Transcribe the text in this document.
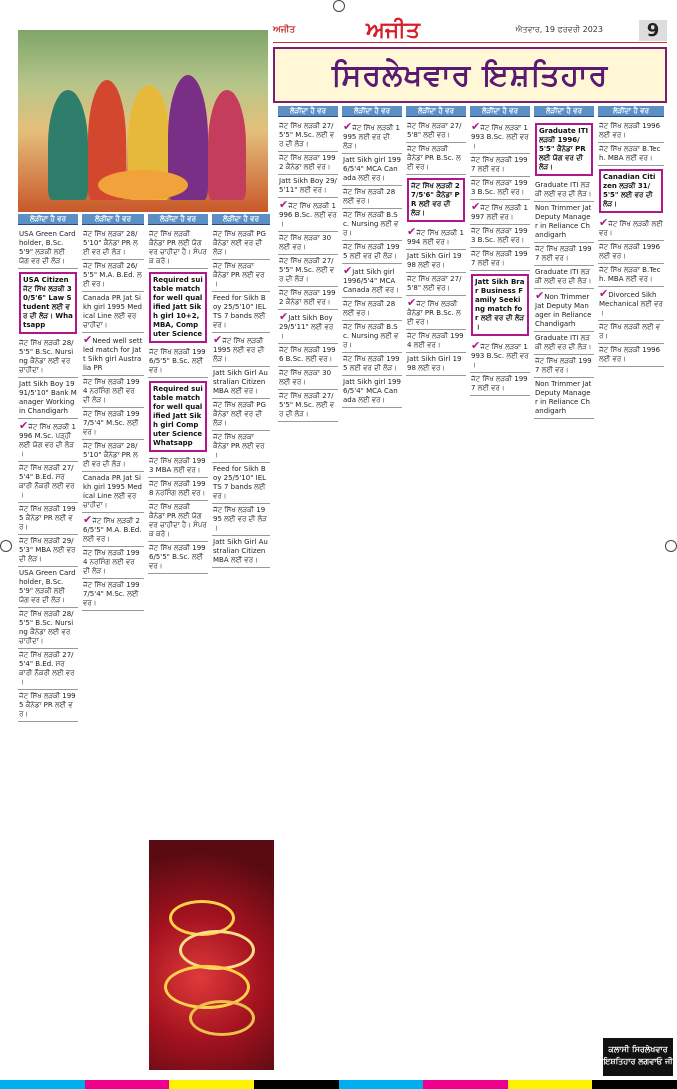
ਅਜੀਤ	ਅਜੀਤ	ਐਤਵਾਰ, 19 ਫਰਵਰੀ 2023	9
ਸਿਰਲੇਖਵਾਰ ਇਸ਼ਤਿਹਾਰ
ਲੋੜੀਂਦਾ ਹੈ ਵਰ	ਲੋੜੀਂਦਾ ਹੈ ਵਰ	ਲੋੜੀਂਦਾ ਹੈ ਵਰ	ਲੋੜੀਂਦਾ ਹੈ ਵਰ
ਲੋੜੀਂਦਾ ਹੈ ਵਰ	ਲੋੜੀਂਦਾ ਹੈ ਵਰ	ਲੋੜੀਂਦਾ ਹੈ ਵਰ	ਲੋੜੀਂਦਾ ਹੈ ਵਰ	ਲੋੜੀਂਦਾ ਹੈ ਵਰ	ਲੋੜੀਂਦਾ ਹੈ ਵਰ
USA Green Card holder, B.Sc. 5'9" ਲੜਕੀ ਲਈ ਯੋਗ ਵਰ ਦੀ ਲੋੜ।
USA Citizen ਜੱਟ ਸਿੱਖ ਲੜਕੀ 30/5'6" Law Student ਲਈ ਵਰ ਦੀ ਲੋੜ। Whatsapp
ਜੱਟ ਸਿੱਖ ਲੜਕੀ 28/5'5" B.Sc. Nursing ਕੈਨੇਡਾ ਲਈ ਵਰ ਚਾਹੀਦਾ।
Jatt Sikh Boy 1991/5'10" Bank Manager Working in Chandigarh
✔ਜੱਟ ਸਿੱਖ ਲੜਕੀ 1996 M.Sc. ਪੜ੍ਹੀ ਲਈ ਯੋਗ ਵਰ ਦੀ ਲੋੜ।
ਜੱਟ ਸਿੱਖ ਲੜਕੀ 27/5'4" B.Ed. ਸਰਕਾਰੀ ਨੌਕਰੀ ਲਈ ਵਰ।
ਜੱਟ ਸਿੱਖ ਲੜਕੀ 1995 ਕੈਨੇਡਾ PR ਲਈ ਵਰ।
ਜੱਟ ਸਿੱਖ ਲੜਕੀ 29/5'3" MBA ਲਈ ਵਰ ਦੀ ਲੋੜ।
USA Green Card holder, B.Sc. 5'9" ਲੜਕੀ ਲਈ ਯੋਗ ਵਰ ਦੀ ਲੋੜ।
ਜੱਟ ਸਿੱਖ ਲੜਕੀ 28/5'5" B.Sc. Nursing ਕੈਨੇਡਾ ਲਈ ਵਰ ਚਾਹੀਦਾ।
ਜੱਟ ਸਿੱਖ ਲੜਕੀ 27/5'4" B.Ed. ਸਰਕਾਰੀ ਨੌਕਰੀ ਲਈ ਵਰ।
ਜੱਟ ਸਿੱਖ ਲੜਕੀ 1995 ਕੈਨੇਡਾ PR ਲਈ ਵਰ।
ਜੱਟ ਸਿੱਖ ਲੜਕਾ 28/5'10" ਕੈਨੇਡਾ PR ਲਈ ਵਰ ਦੀ ਲੋੜ।
ਜੱਟ ਸਿੱਖ ਲੜਕੀ 26/5'5" M.A. B.Ed. ਲਈ ਵਰ।
Canada PR Jat Sikh girl 1995 Medical Line ਲਈ ਵਰ ਚਾਹੀਦਾ।
✔Need well settled match for Jatt Sikh girl Australia PR
ਜੱਟ ਸਿੱਖ ਲੜਕੀ 1994 ਨਰਸਿੰਗ ਲਈ ਵਰ ਦੀ ਲੋੜ।
ਜੱਟ ਸਿੱਖ ਲੜਕੀ 1997/5'4" M.Sc. ਲਈ ਵਰ।
ਜੱਟ ਸਿੱਖ ਲੜਕਾ 28/5'10" ਕੈਨੇਡਾ PR ਲਈ ਵਰ ਦੀ ਲੋੜ।
Canada PR Jat Sikh girl 1995 Medical Line ਲਈ ਵਰ ਚਾਹੀਦਾ।
✔ਜੱਟ ਸਿੱਖ ਲੜਕੀ 26/5'5" M.A. B.Ed. ਲਈ ਵਰ।
ਜੱਟ ਸਿੱਖ ਲੜਕੀ 1994 ਨਰਸਿੰਗ ਲਈ ਵਰ ਦੀ ਲੋੜ।
ਜੱਟ ਸਿੱਖ ਲੜਕੀ 1997/5'4" M.Sc. ਲਈ ਵਰ।
ਜੱਟ ਸਿੱਖ ਲੜਕੀ ਕੈਨੇਡਾ PR ਲਈ ਯੋਗ ਵਰ ਚਾਹੀਦਾ ਹੈ। ਸੰਪਰਕ ਕਰੋ।
Required suitable match for well qualified Jatt Sikh girl 10+2, MBA, Computer Science
ਜੱਟ ਸਿੱਖ ਲੜਕੀ 1996/5'5" B.Sc. ਲਈ ਵਰ।
Required suitable match for well qualified Jatt Sikh girl Computer Science Whatsapp
ਜੱਟ ਸਿੱਖ ਲੜਕੀ 1993 MBA ਲਈ ਵਰ।
ਜੱਟ ਸਿੱਖ ਲੜਕੀ 1998 ਨਰਸਿੰਗ ਲਈ ਵਰ।
ਜੱਟ ਸਿੱਖ ਲੜਕੀ ਕੈਨੇਡਾ PR ਲਈ ਯੋਗ ਵਰ ਚਾਹੀਦਾ ਹੈ। ਸੰਪਰਕ ਕਰੋ।
ਜੱਟ ਸਿੱਖ ਲੜਕੀ 1996/5'5" B.Sc. ਲਈ ਵਰ।
ਜੱਟ ਸਿੱਖ ਲੜਕੀ PG ਕੈਨੇਡਾ ਲਈ ਵਰ ਦੀ ਲੋੜ।
ਜੱਟ ਸਿੱਖ ਲੜਕਾ ਕੈਨੇਡਾ PR ਲਈ ਵਰ।
Feed for Sikh Boy 25/5'10" IELTS 7 bands ਲਈ ਵਰ।
✔ਜੱਟ ਸਿੱਖ ਲੜਕੀ 1995 ਲਈ ਵਰ ਦੀ ਲੋੜ।
Jatt Sikh Girl Australian Citizen MBA ਲਈ ਵਰ।
ਜੱਟ ਸਿੱਖ ਲੜਕੀ PG ਕੈਨੇਡਾ ਲਈ ਵਰ ਦੀ ਲੋੜ।
ਜੱਟ ਸਿੱਖ ਲੜਕਾ ਕੈਨੇਡਾ PR ਲਈ ਵਰ।
Feed for Sikh Boy 25/5'10" IELTS 7 bands ਲਈ ਵਰ।
ਜੱਟ ਸਿੱਖ ਲੜਕੀ 1995 ਲਈ ਵਰ ਦੀ ਲੋੜ।
Jatt Sikh Girl Australian Citizen MBA ਲਈ ਵਰ।
ਜੱਟ ਸਿੱਖ ਲੜਕੀ 27/5'5" M.Sc. ਲਈ ਵਰ ਦੀ ਲੋੜ।
ਜੱਟ ਸਿੱਖ ਲੜਕਾ 1992 ਕੈਨੇਡਾ ਲਈ ਵਰ।
Jatt Sikh Boy 29/5'11" ਲਈ ਵਰ।
✔ਜੱਟ ਸਿੱਖ ਲੜਕੀ 1996 B.Sc. ਲਈ ਵਰ।
ਜੱਟ ਸਿੱਖ ਲੜਕਾ 30 ਲਈ ਵਰ।
ਜੱਟ ਸਿੱਖ ਲੜਕੀ 27/5'5" M.Sc. ਲਈ ਵਰ ਦੀ ਲੋੜ।
ਜੱਟ ਸਿੱਖ ਲੜਕਾ 1992 ਕੈਨੇਡਾ ਲਈ ਵਰ।
✔Jatt Sikh Boy 29/5'11" ਲਈ ਵਰ।
ਜੱਟ ਸਿੱਖ ਲੜਕੀ 1996 B.Sc. ਲਈ ਵਰ।
ਜੱਟ ਸਿੱਖ ਲੜਕਾ 30 ਲਈ ਵਰ।
ਜੱਟ ਸਿੱਖ ਲੜਕੀ 27/5'5" M.Sc. ਲਈ ਵਰ ਦੀ ਲੋੜ।
✔ਜੱਟ ਸਿੱਖ ਲੜਕੀ 1995 ਲਈ ਵਰ ਦੀ ਲੋੜ।
Jatt Sikh girl 1996/5'4" MCA Canada ਲਈ ਵਰ।
ਜੱਟ ਸਿੱਖ ਲੜਕੀ 28 ਲਈ ਵਰ।
ਜੱਟ ਸਿੱਖ ਲੜਕੀ B.Sc. Nursing ਲਈ ਵਰ।
ਜੱਟ ਸਿੱਖ ਲੜਕੀ 1995 ਲਈ ਵਰ ਦੀ ਲੋੜ।
✔Jatt Sikh girl 1996/5'4" MCA Canada ਲਈ ਵਰ।
ਜੱਟ ਸਿੱਖ ਲੜਕੀ 28 ਲਈ ਵਰ।
ਜੱਟ ਸਿੱਖ ਲੜਕੀ B.Sc. Nursing ਲਈ ਵਰ।
ਜੱਟ ਸਿੱਖ ਲੜਕੀ 1995 ਲਈ ਵਰ ਦੀ ਲੋੜ।
Jatt Sikh girl 1996/5'4" MCA Canada ਲਈ ਵਰ।
ਜੱਟ ਸਿੱਖ ਲੜਕਾ 27/5'8" ਲਈ ਵਰ।
ਜੱਟ ਸਿੱਖ ਲੜਕੀ ਕੈਨੇਡਾ PR B.Sc. ਲਈ ਵਰ।
ਜੱਟ ਸਿੱਖ ਲੜਕੀ 27/5'6" ਕੈਨੇਡਾ PR ਲਈ ਵਰ ਦੀ ਲੋੜ।
✔ਜੱਟ ਸਿੱਖ ਲੜਕੀ 1994 ਲਈ ਵਰ।
Jatt Sikh Girl 1998 ਲਈ ਵਰ।
ਜੱਟ ਸਿੱਖ ਲੜਕਾ 27/5'8" ਲਈ ਵਰ।
✔ਜੱਟ ਸਿੱਖ ਲੜਕੀ ਕੈਨੇਡਾ PR B.Sc. ਲਈ ਵਰ।
ਜੱਟ ਸਿੱਖ ਲੜਕੀ 1994 ਲਈ ਵਰ।
Jatt Sikh Girl 1998 ਲਈ ਵਰ।
✔ਜੱਟ ਸਿੱਖ ਲੜਕਾ 1993 B.Sc. ਲਈ ਵਰ।
ਜੱਟ ਸਿੱਖ ਲੜਕੀ 1997 ਲਈ ਵਰ।
ਜੱਟ ਸਿੱਖ ਲੜਕਾ 1993 B.Sc. ਲਈ ਵਰ।
✔ਜੱਟ ਸਿੱਖ ਲੜਕੀ 1997 ਲਈ ਵਰ।
ਜੱਟ ਸਿੱਖ ਲੜਕਾ 1993 B.Sc. ਲਈ ਵਰ।
ਜੱਟ ਸਿੱਖ ਲੜਕੀ 1997 ਲਈ ਵਰ।
Jatt Sikh Brar Business Family Seeking match for ਲਈ ਵਰ ਦੀ ਲੋੜ।
✔ਜੱਟ ਸਿੱਖ ਲੜਕਾ 1993 B.Sc. ਲਈ ਵਰ।
ਜੱਟ ਸਿੱਖ ਲੜਕੀ 1997 ਲਈ ਵਰ।
Graduate ITI ਲੜਕੀ 1996/5'5" ਕੈਨੇਡਾ PR ਲਈ ਯੋਗ ਵਰ ਦੀ ਲੋੜ।
Graduate ITI ਲੜਕੀ ਲਈ ਵਰ ਦੀ ਲੋੜ।
Non Trimmer Jat Deputy Manager in Reliance Chandigarh
ਜੱਟ ਸਿੱਖ ਲੜਕੀ 1997 ਲਈ ਵਰ।
Graduate ITI ਲੜਕੀ ਲਈ ਵਰ ਦੀ ਲੋੜ।
✔Non Trimmer Jat Deputy Manager in Reliance Chandigarh
Graduate ITI ਲੜਕੀ ਲਈ ਵਰ ਦੀ ਲੋੜ।
ਜੱਟ ਸਿੱਖ ਲੜਕੀ 1997 ਲਈ ਵਰ।
Non Trimmer Jat Deputy Manager in Reliance Chandigarh
ਜੱਟ ਸਿੱਖ ਲੜਕੀ 1996 ਲਈ ਵਰ।
ਜੱਟ ਸਿੱਖ ਲੜਕਾ B.Tech. MBA ਲਈ ਵਰ।
Canadian Citizen ਲੜਕੀ 31/5'5" ਲਈ ਵਰ ਦੀ ਲੋੜ।
✔ਜੱਟ ਸਿੱਖ ਲੜਕੀ ਲਈ ਵਰ।
ਜੱਟ ਸਿੱਖ ਲੜਕੀ 1996 ਲਈ ਵਰ।
ਜੱਟ ਸਿੱਖ ਲੜਕਾ B.Tech. MBA ਲਈ ਵਰ।
✔Divorced Sikh Mechanical ਲਈ ਵਰ।
ਜੱਟ ਸਿੱਖ ਲੜਕੀ ਲਈ ਵਰ।
ਜੱਟ ਸਿੱਖ ਲੜਕੀ 1996 ਲਈ ਵਰ।
ਕਲਾਸੀ ਸਿਰਲੇਖਵਾਰ ਇਸ਼ਤਿਹਾਰ ਲਗਵਾਓ ਜੀ
